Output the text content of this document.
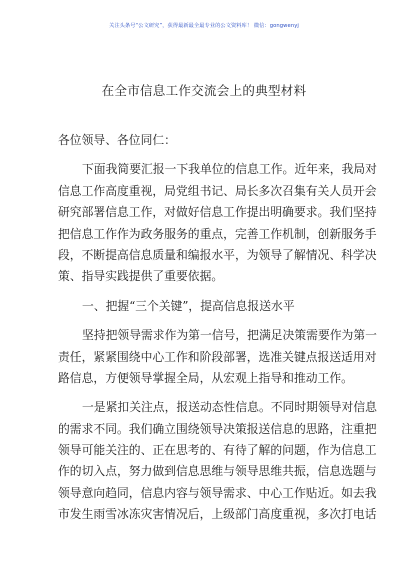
关注头条号“公文研究”，获得最新最全最专业的公文资料库！ 微信：gongwenyj
在全市信息工作交流会上的典型材料
各位领导、各位同仁：
下面我简要汇报一下我单位的信息工作。近年来，我局对
信息工作高度重视，局党组书记、局长多次召集有关人员开会
研究部署信息工作，对做好信息工作提出明确要求。我们坚持
把信息工作作为政务服务的重点，完善工作机制，创新服务手
段，不断提高信息质量和编报水平，为领导了解情况、科学决
策、指导实践提供了重要依据。
一、把握“三个关键”，提高信息报送水平
坚持把领导需求作为第一信号，把满足决策需要作为第一
责任，紧紧围绕中心工作和阶段部署，选准关键点报送适用对
路信息，方便领导掌握全局，从宏观上指导和推动工作。
一是紧扣关注点，报送动态性信息。不同时期领导对信息
的需求不同。我们确立围绕领导决策报送信息的思路，注重把
领导可能关注的、正在思考的、有待了解的问题，作为信息工
作的切入点，努力做到信息思维与领导思维共振，信息选题与
领导意向趋同，信息内容与领导需求、中心工作贴近。如去我
市发生雨雪冰冻灾害情况后，上级部门高度重视，多次打电话
